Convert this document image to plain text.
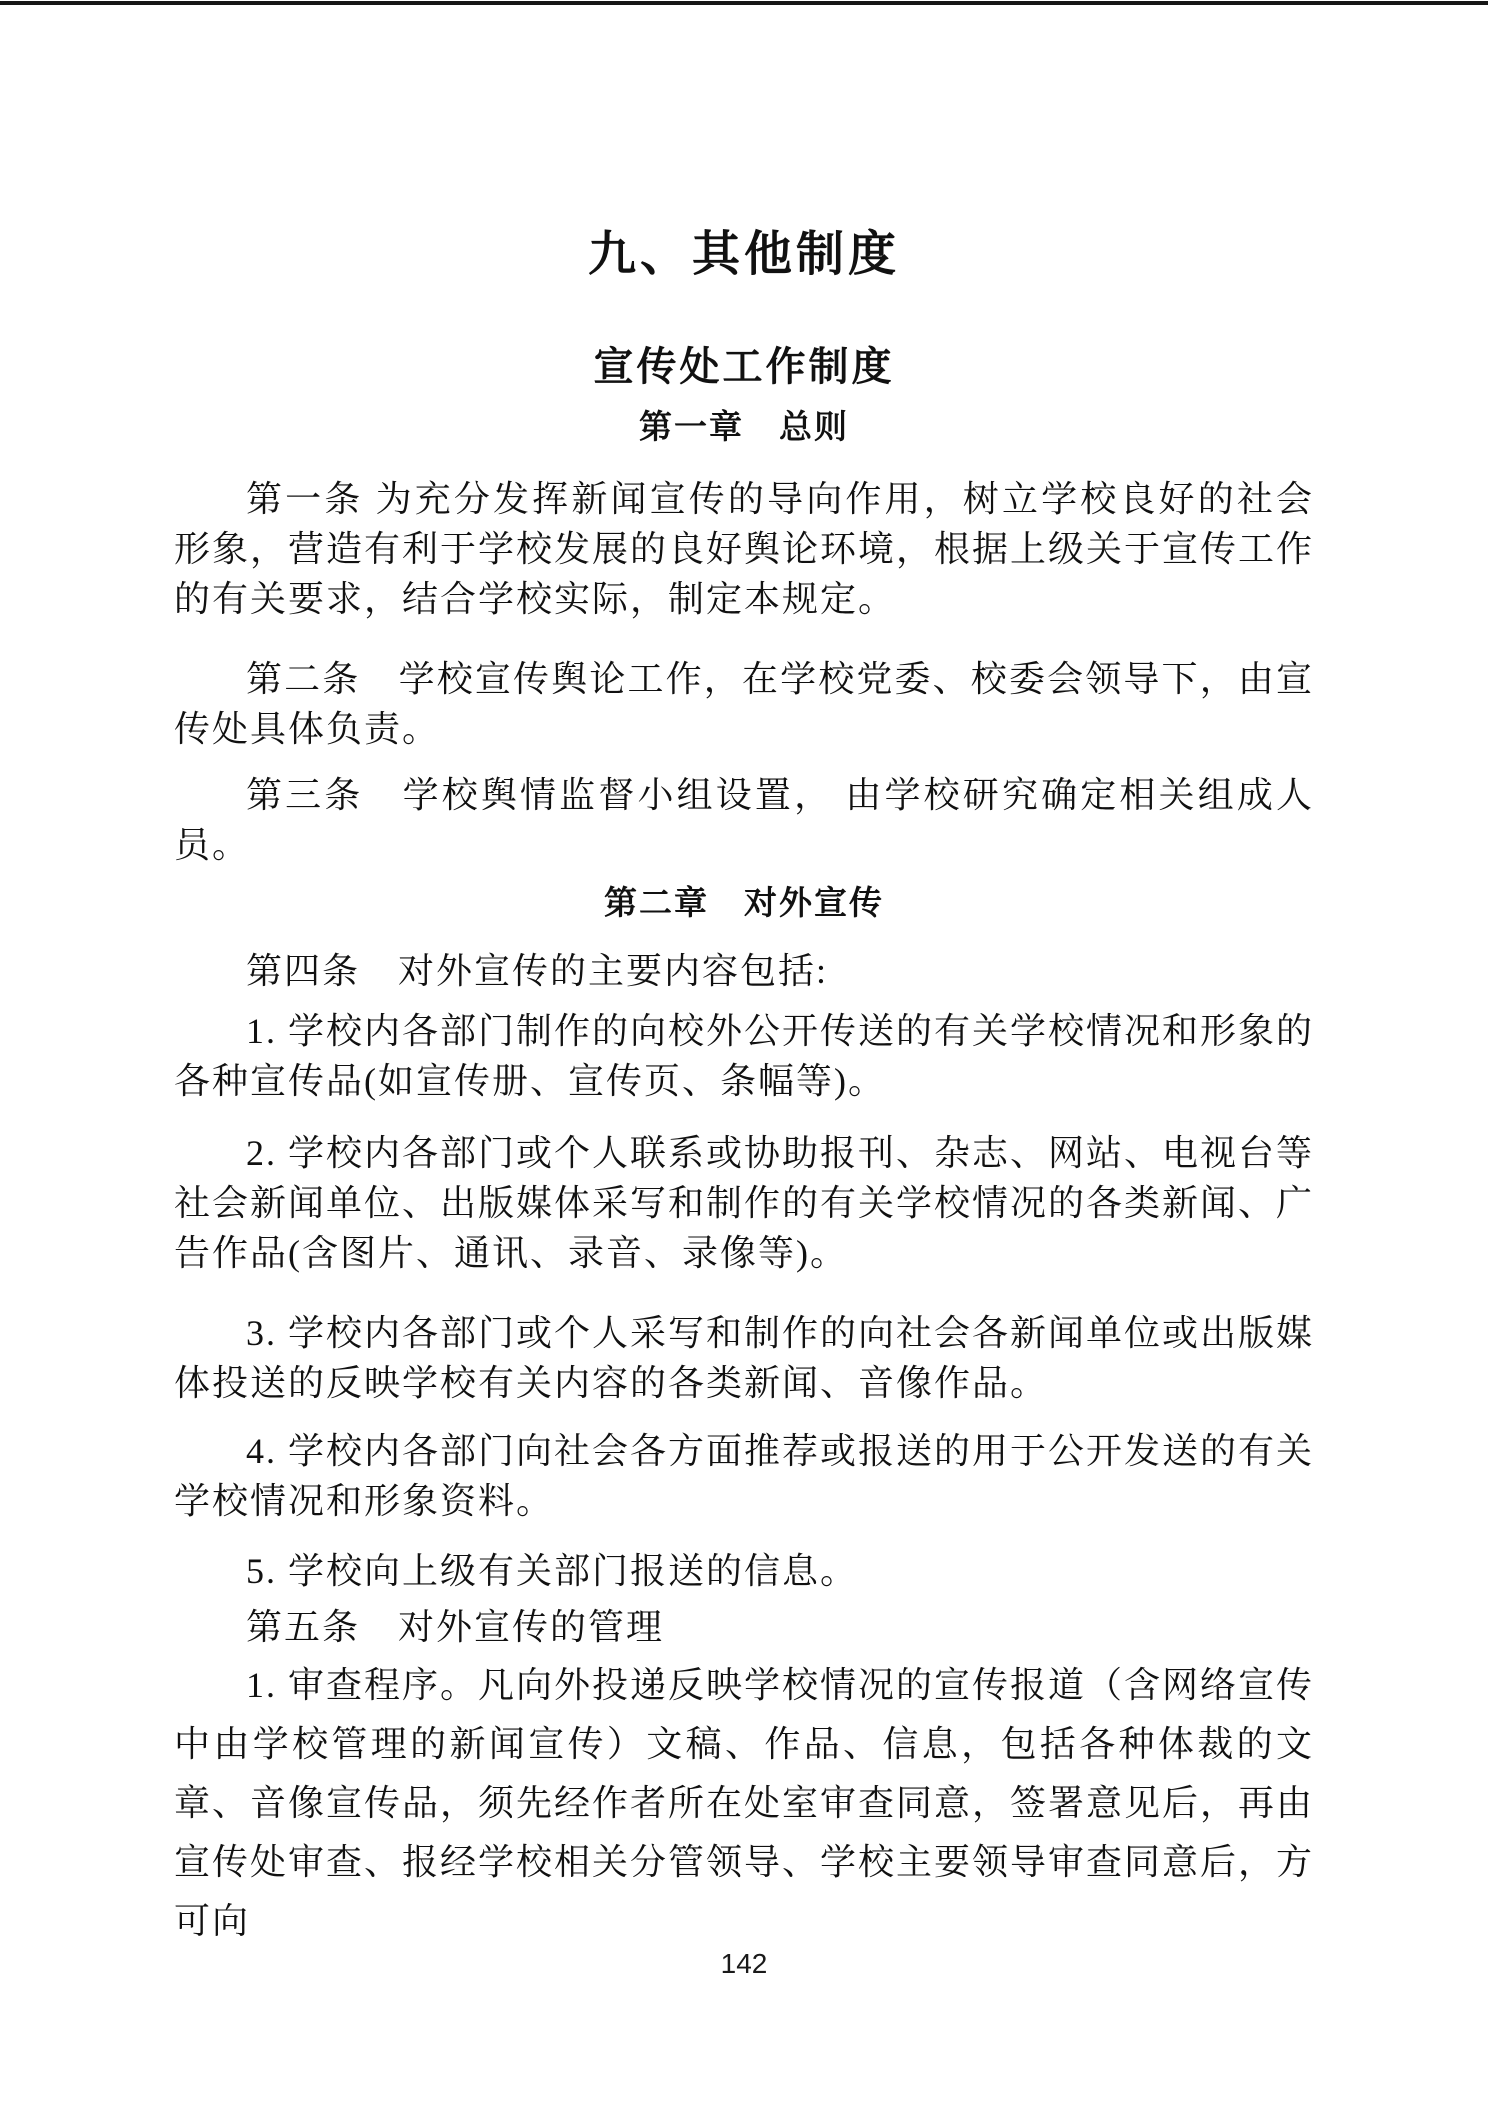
九、其他制度
宣传处工作制度
第一章　总则

第一条 为充分发挥新闻宣传的导向作用，树立学校良好的社会形象，营造有利于学校发展的良好舆论环境，根据上级关于宣传工作的有关要求，结合学校实际，制定本规定。

第二条　学校宣传舆论工作，在学校党委、校委会领导下，由宣传处具体负责。

第三条　学校舆情监督小组设置， 由学校研究确定相关组成人员。

第二章　对外宣传

第四条　对外宣传的主要内容包括:

1. 学校内各部门制作的向校外公开传送的有关学校情况和形象的各种宣传品(如宣传册、宣传页、条幅等)。

2. 学校内各部门或个人联系或协助报刊、杂志、网站、电视台等社会新闻单位、出版媒体采写和制作的有关学校情况的各类新闻、广告作品(含图片、通讯、录音、录像等)。

3. 学校内各部门或个人采写和制作的向社会各新闻单位或出版媒体投送的反映学校有关内容的各类新闻、音像作品。

4. 学校内各部门向社会各方面推荐或报送的用于公开发送的有关学校情况和形象资料。

5. 学校向上级有关部门报送的信息。

第五条　对外宣传的管理

1. 审查程序。凡向外投递反映学校情况的宣传报道（含网络宣传中由学校管理的新闻宣传）文稿、作品、信息，包括各种体裁的文章、音像宣传品，须先经作者所在处室审查同意，签署意见后，再由宣传处审查、报经学校相关分管领导、学校主要领导审查同意后，方可向

142
